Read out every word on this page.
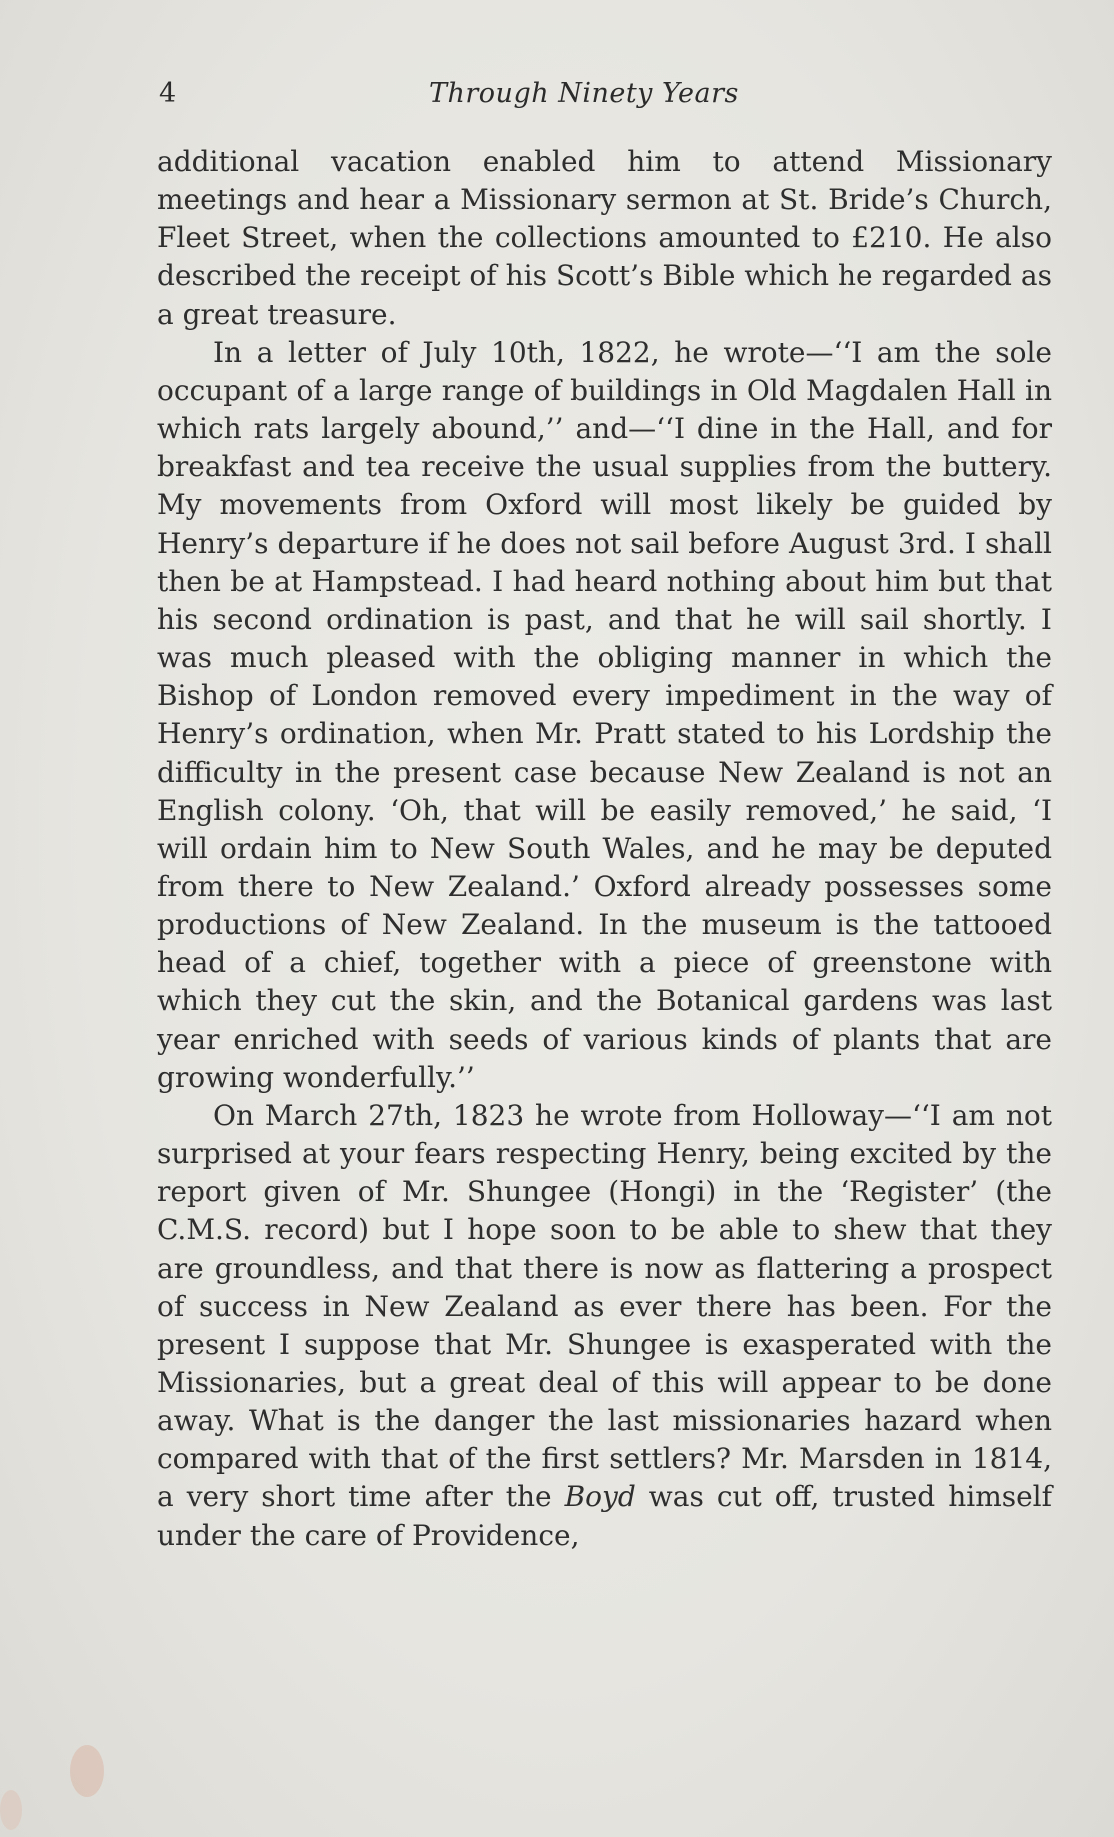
4	Through Ninety Years

additional vacation enabled him to attend Missionary meetings and hear a Missionary sermon at St. Bride’s Church, Fleet Street, when the collections amounted to £210. He also described the receipt of his Scott’s Bible which he regarded as a great treasure.

In a letter of July 10th, 1822, he wrote—‘‘I am the sole occupant of a large range of buildings in Old Magdalen Hall in which rats largely abound,’’ and—‘‘I dine in the Hall, and for breakfast and tea receive the usual supplies from the buttery. My movements from Oxford will most likely be guided by Henry’s departure if he does not sail before August 3rd. I shall then be at Hampstead. I had heard nothing about him but that his second ordination is past, and that he will sail shortly. I was much pleased with the obliging manner in which the Bishop of London removed every impediment in the way of Henry’s ordination, when Mr. Pratt stated to his Lordship the difficulty in the present case because New Zealand is not an English colony. ‘Oh, that will be easily removed,’ he said, ‘I will ordain him to New South Wales, and he may be deputed from there to New Zealand.’ Oxford already possesses some productions of New Zealand. In the museum is the tattooed head of a chief, together with a piece of greenstone with which they cut the skin, and the Botanical gardens was last year enriched with seeds of various kinds of plants that are growing wonderfully.’’

On March 27th, 1823 he wrote from Holloway—‘‘I am not surprised at your fears respecting Henry, being excited by the report given of Mr. Shungee (Hongi) in the ‘Register’ (the C.M.S. record) but I hope soon to be able to shew that they are groundless, and that there is now as flattering a prospect of success in New Zealand as ever there has been. For the present I suppose that Mr. Shungee is exasperated with the Missionaries, but a great deal of this will appear to be done away. What is the danger the last missionaries hazard when compared with that of the first settlers? Mr. Marsden in 1814, a very short time after the Boyd was cut off, trusted himself under the care of Providence,
